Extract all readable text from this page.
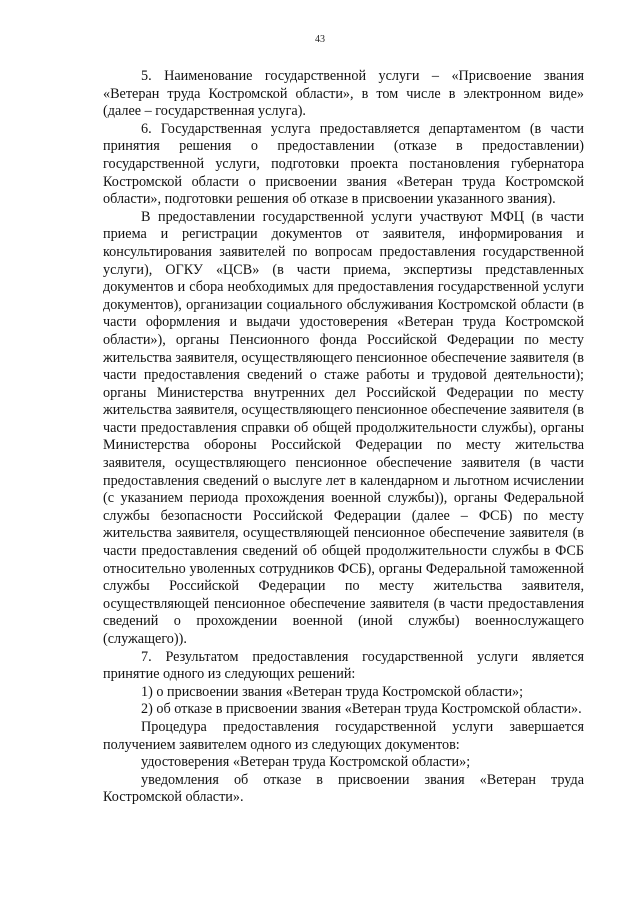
43

5. Наименование государственной услуги – «Присвоение звания «Ветеран труда Костромской области», в том числе в электронном виде» (далее – государственная услуга).

6. Государственная услуга предоставляется департаментом (в части принятия решения о предоставлении (отказе в предоставлении) государственной услуги, подготовки проекта постановления губернатора Костромской области о присвоении звания «Ветеран труда Костромской области», подготовки решения об отказе в присвоении указанного звания).

В предоставлении государственной услуги участвуют МФЦ (в части приема и регистрации документов от заявителя, информирования и консультирования заявителей по вопросам предоставления государственной услуги), ОГКУ «ЦСВ» (в части приема, экспертизы представленных документов и сбора необходимых для предоставления государственной услуги документов), организации социального обслуживания Костромской области (в части оформления и выдачи удостоверения «Ветеран труда Костромской области»), органы Пенсионного фонда Российской Федерации по месту жительства заявителя, осуществляющего пенсионное обеспечение заявителя (в части предоставления сведений о стаже работы и трудовой деятельности); органы Министерства внутренних дел Российской Федерации по месту жительства заявителя, осуществляющего пенсионное обеспечение заявителя (в части предоставления справки об общей продолжительности службы), органы Министерства обороны Российской Федерации по месту жительства заявителя, осуществляющего пенсионное обеспечение заявителя (в части предоставления сведений о выслуге лет в календарном и льготном исчислении (с указанием периода прохождения военной службы)), органы Федеральной службы безопасности Российской Федерации (далее – ФСБ) по месту жительства заявителя, осуществляющей пенсионное обеспечение заявителя (в части предоставления сведений об общей продолжительности службы в ФСБ относительно уволенных сотрудников ФСБ), органы Федеральной таможенной службы Российской Федерации по месту жительства заявителя, осуществляющей пенсионное обеспечение заявителя (в части предоставления сведений о прохождении военной (иной службы) военнослужащего (служащего)).

7. Результатом предоставления государственной услуги является принятие одного из следующих решений:

1) о присвоении звания «Ветеран труда Костромской области»;

2) об отказе в присвоении звания «Ветеран труда Костромской области».

Процедура предоставления государственной услуги завершается получением заявителем одного из следующих документов:

удостоверения «Ветеран труда Костромской области»;

уведомления об отказе в присвоении звания «Ветеран труда Костромской области».
